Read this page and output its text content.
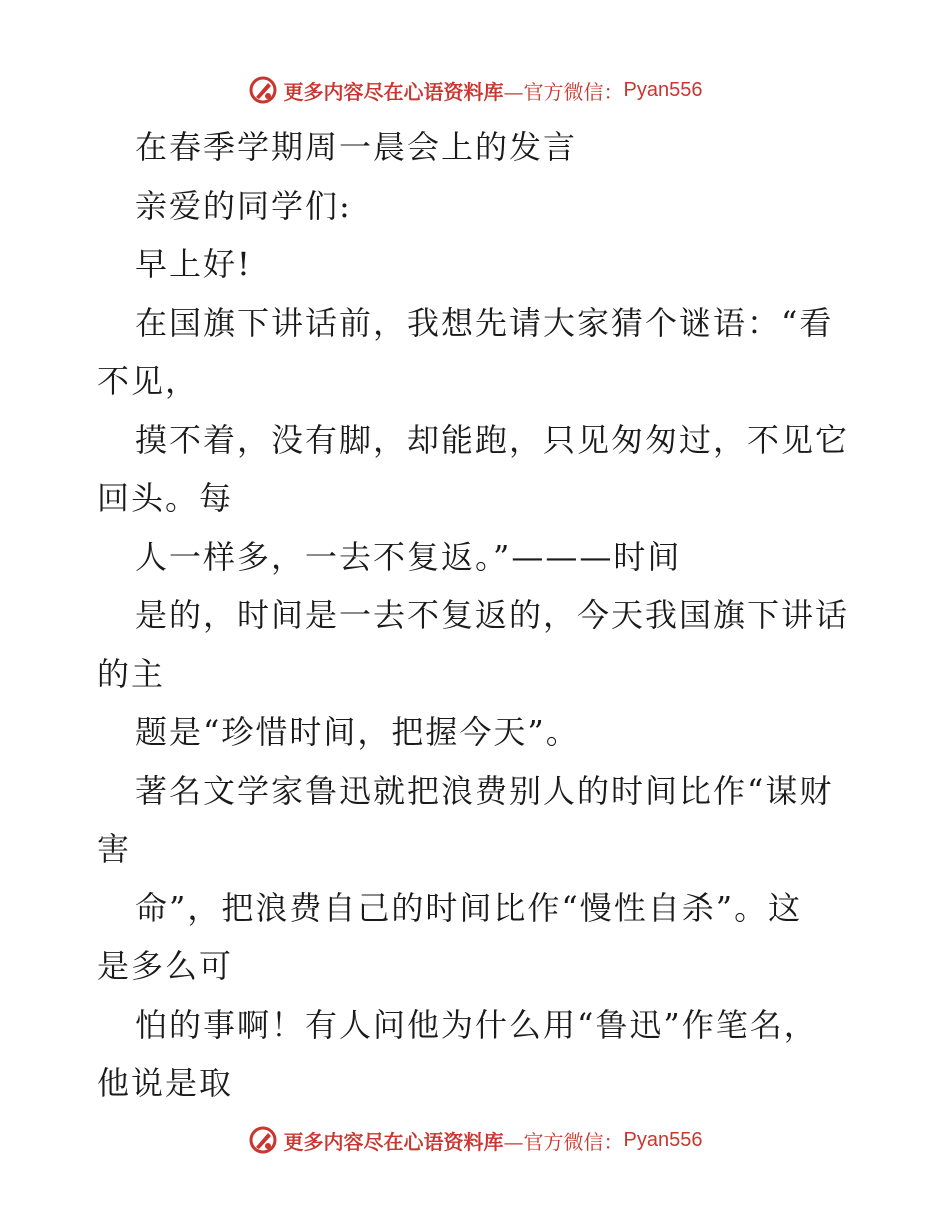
更多内容尽在心语资料库 —官方微信： Pyan556
在春季学期周一晨会上的发言
亲爱的同学们:
早上好!
在国旗下讲话前，我想先请大家猜个谜语：“看
不见，
摸不着，没有脚，却能跑，只见匆匆过，不见它
回头。每
人一样多，一去不复返。”———时间
是的，时间是一去不复返的，今天我国旗下讲话
的主
题是“珍惜时间，把握今天”。
著名文学家鲁迅就把浪费别人的时间比作“谋财
害
命”，把浪费自己的时间比作“慢性自杀”。这
是多么可
怕的事啊！有人问他为什么用“鲁迅”作笔名，
他说是取
更多内容尽在心语资料库 —官方微信： Pyan556
